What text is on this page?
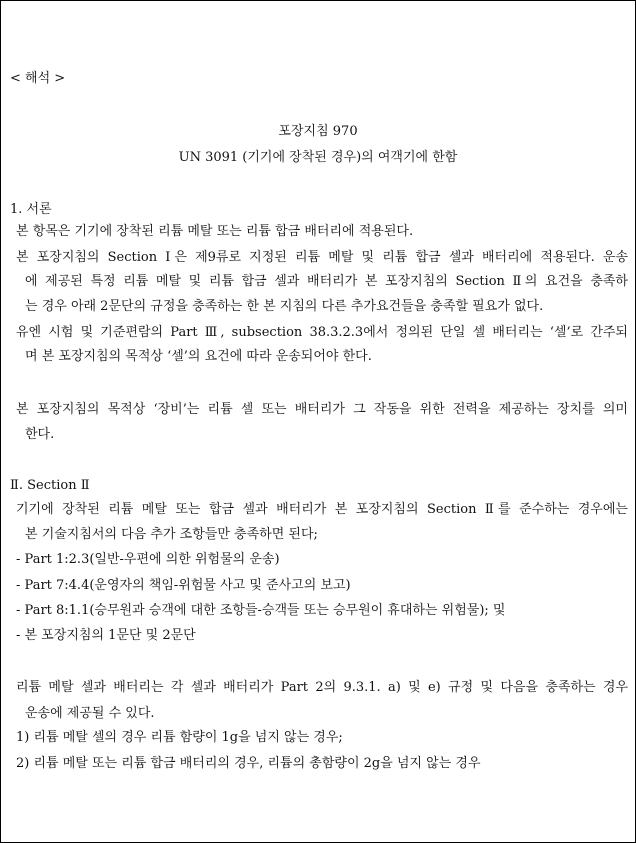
< 해석 >
포장지침 970
UN 3091 (기기에 장착된 경우)의 여객기에 한함
1. 서론
본 항목은 기기에 장착된 리튬 메탈 또는 리튬 합금 배터리에 적용된다.
본 포장지침의 Section Ⅰ은 제9류로 지정된 리튬 메탈 및 리튬 합금 셀과 배터리에 적용된다. 운송
에 제공된 특정 리튬 메탈 및 리튬 합금 셀과 배터리가 본 포장지침의 Section Ⅱ의 요건을 충족하
는 경우 아래 2문단의 규정을 충족하는 한 본 지침의 다른 추가요건들을 충족할 필요가 없다.
유엔 시험 및 기준편람의 Part Ⅲ, subsection 38.3.2.3에서 정의된 단일 셀 배터리는 ‘셀’로 간주되
며 본 포장지침의 목적상 ‘셀’의 요건에 따라 운송되어야 한다.
본 포장지침의 목적상 ‘장비’는 리튬 셀 또는 배터리가 그 작동을 위한 전력을 제공하는 장치를 의미
한다.
Ⅱ. Section Ⅱ
기기에 장착된 리튬 메탈 또는 합금 셀과 배터리가 본 포장지침의 Section Ⅱ를 준수하는 경우에는
본 기술지침서의 다음 추가 조항들만 충족하면 된다;
- Part 1:2.3(일반-우편에 의한 위험물의 운송)
- Part 7:4.4(운영자의 책임-위험물 사고 및 준사고의 보고)
- Part 8:1.1(승무원과 승객에 대한 조항들-승객들 또는 승무원이 휴대하는 위험물); 및
- 본 포장지침의 1문단 및 2문단
리튬 메탈 셀과 배터리는 각 셀과 배터리가 Part 2의 9.3.1. a) 및 e) 규정 및 다음을 충족하는 경우
운송에 제공될 수 있다.
1) 리튬 메탈 셀의 경우 리튬 함량이 1g을 넘지 않는 경우;
2) 리튬 메탈 또는 리튬 합금 배터리의 경우, 리튬의 총함량이 2g을 넘지 않는 경우
